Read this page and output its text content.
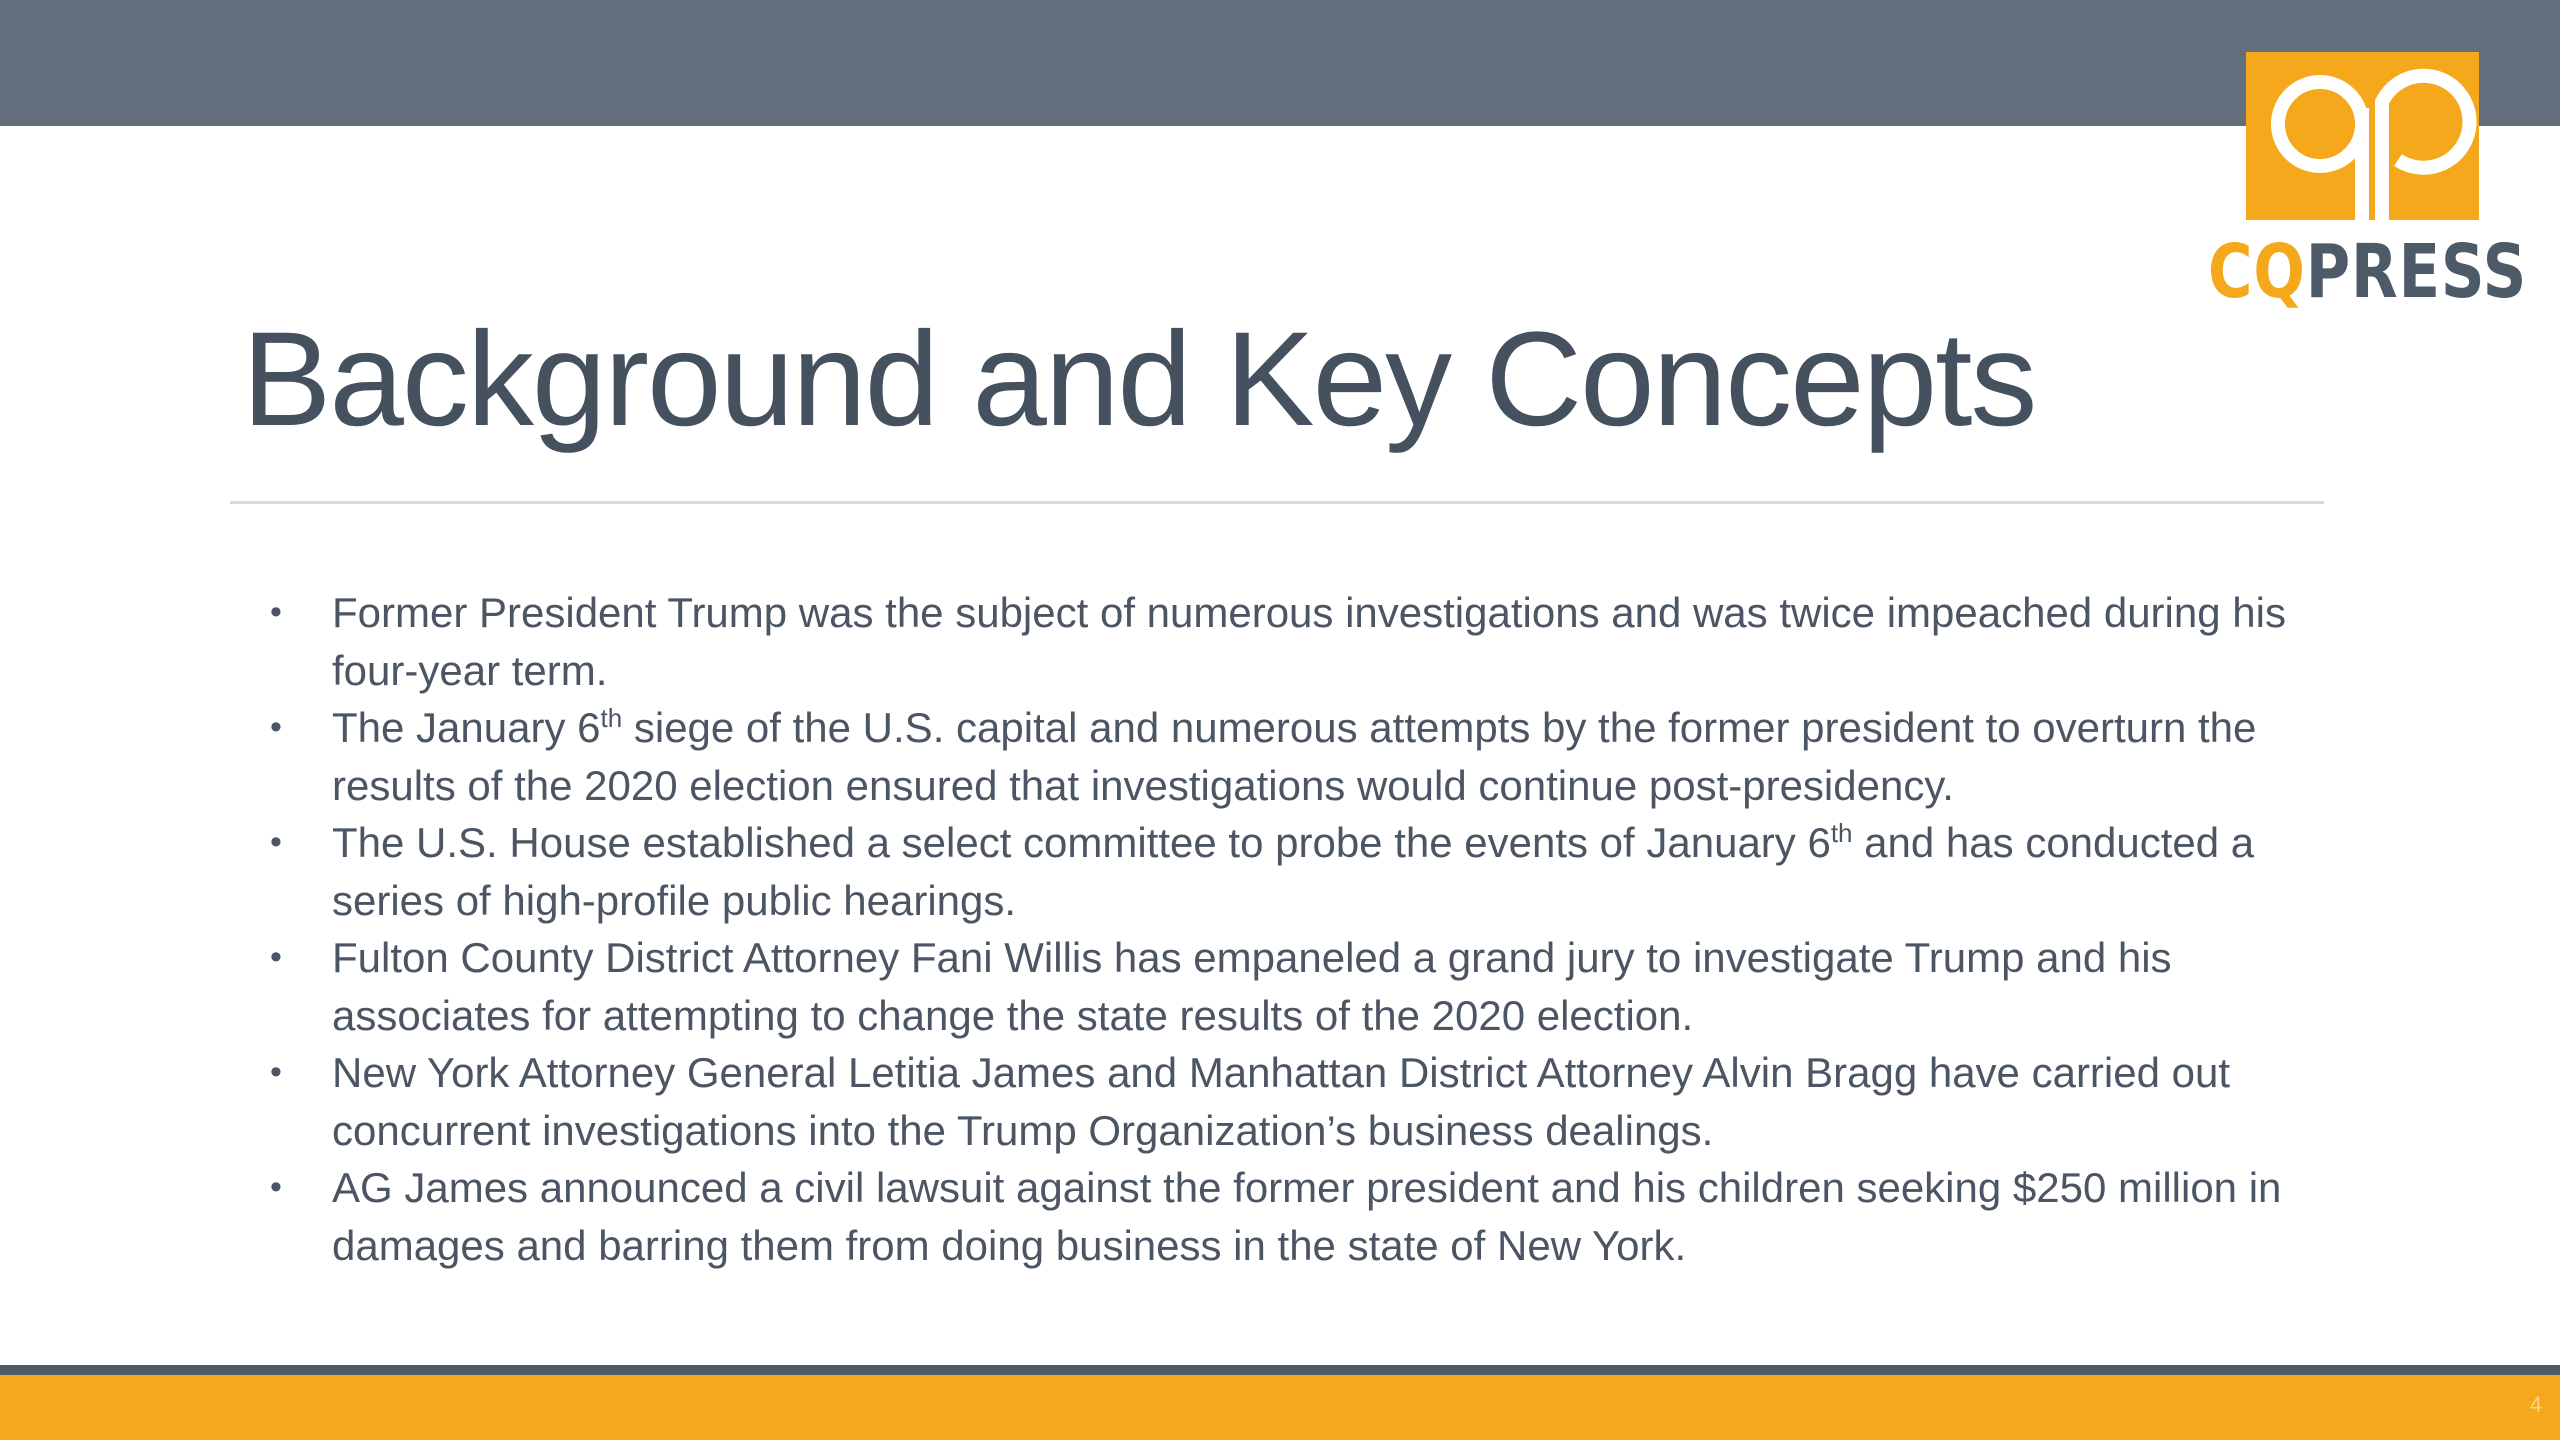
CQPRESS
Background and Key Concepts
• Former President Trump was the subject of numerous investigations and was twice impeached during his four-year term.
• The January 6th siege of the U.S. capital and numerous attempts by the former president to overturn the results of the 2020 election ensured that investigations would continue post-presidency.
• The U.S. House established a select committee to probe the events of January 6th and has conducted a series of high-profile public hearings.
• Fulton County District Attorney Fani Willis has empaneled a grand jury to investigate Trump and his associates for attempting to change the state results of the 2020 election.
• New York Attorney General Letitia James and Manhattan District Attorney Alvin Bragg have carried out concurrent investigations into the Trump Organization’s business dealings.
• AG James announced a civil lawsuit against the former president and his children seeking $250 million in damages and barring them from doing business in the state of New York.
4
